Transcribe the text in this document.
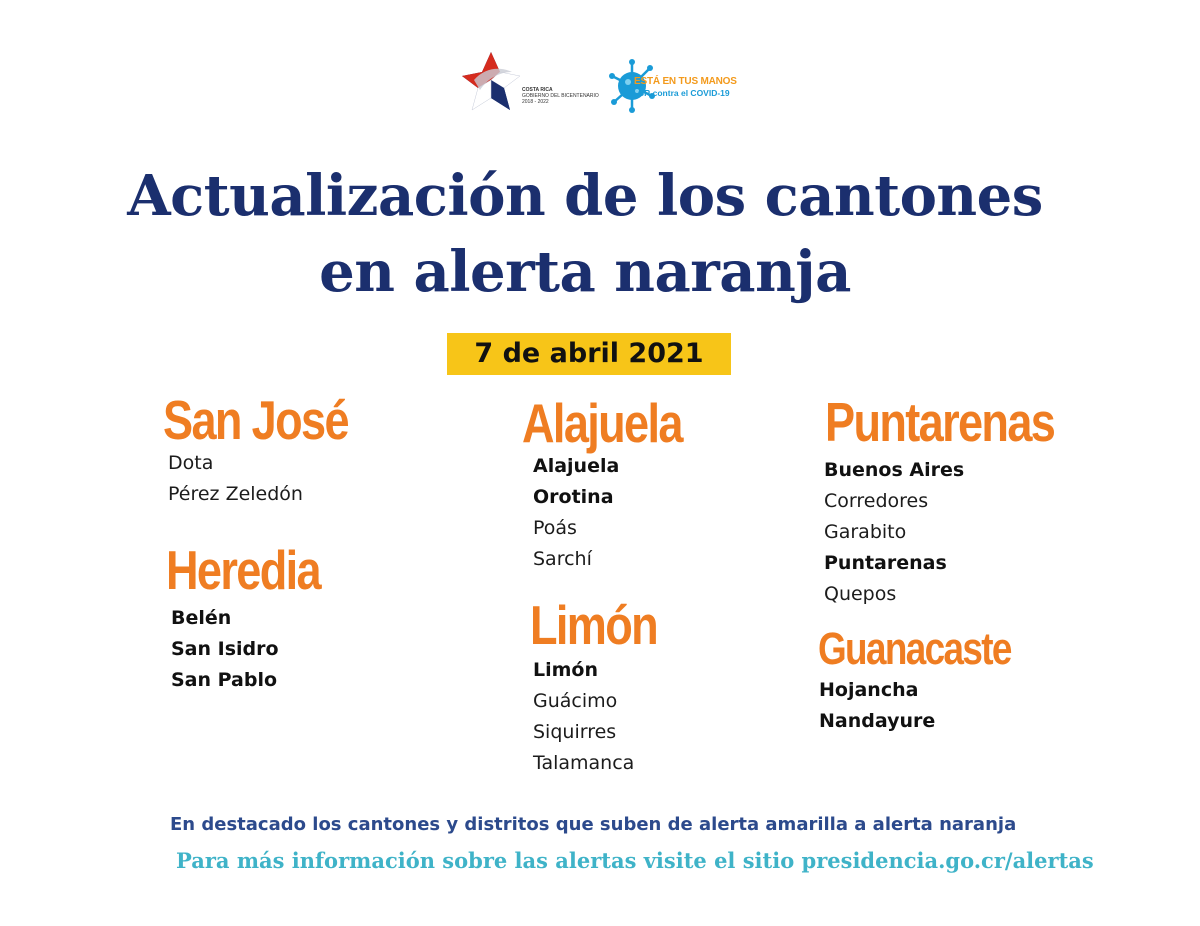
COSTA RICA
GOBIERNO DEL BICENTENARIO
2018 - 2022
ESTÁ EN TUS MANOS
CR contra el COVID-19
Actualización de los cantones
en alerta naranja
7 de abril 2021
San José
Dota
Pérez Zeledón
Heredia
Belén
San Isidro
San Pablo
Alajuela
Alajuela
Orotina
Poás
Sarchí
Limón
Limón
Guácimo
Siquirres
Talamanca
Puntarenas
Buenos Aires
Corredores
Garabito
Puntarenas
Quepos
Guanacaste
Hojancha
Nandayure
En destacado los cantones y distritos que suben de alerta amarilla a alerta naranja
Para más información sobre las alertas visite el sitio presidencia.go.cr/alertas
